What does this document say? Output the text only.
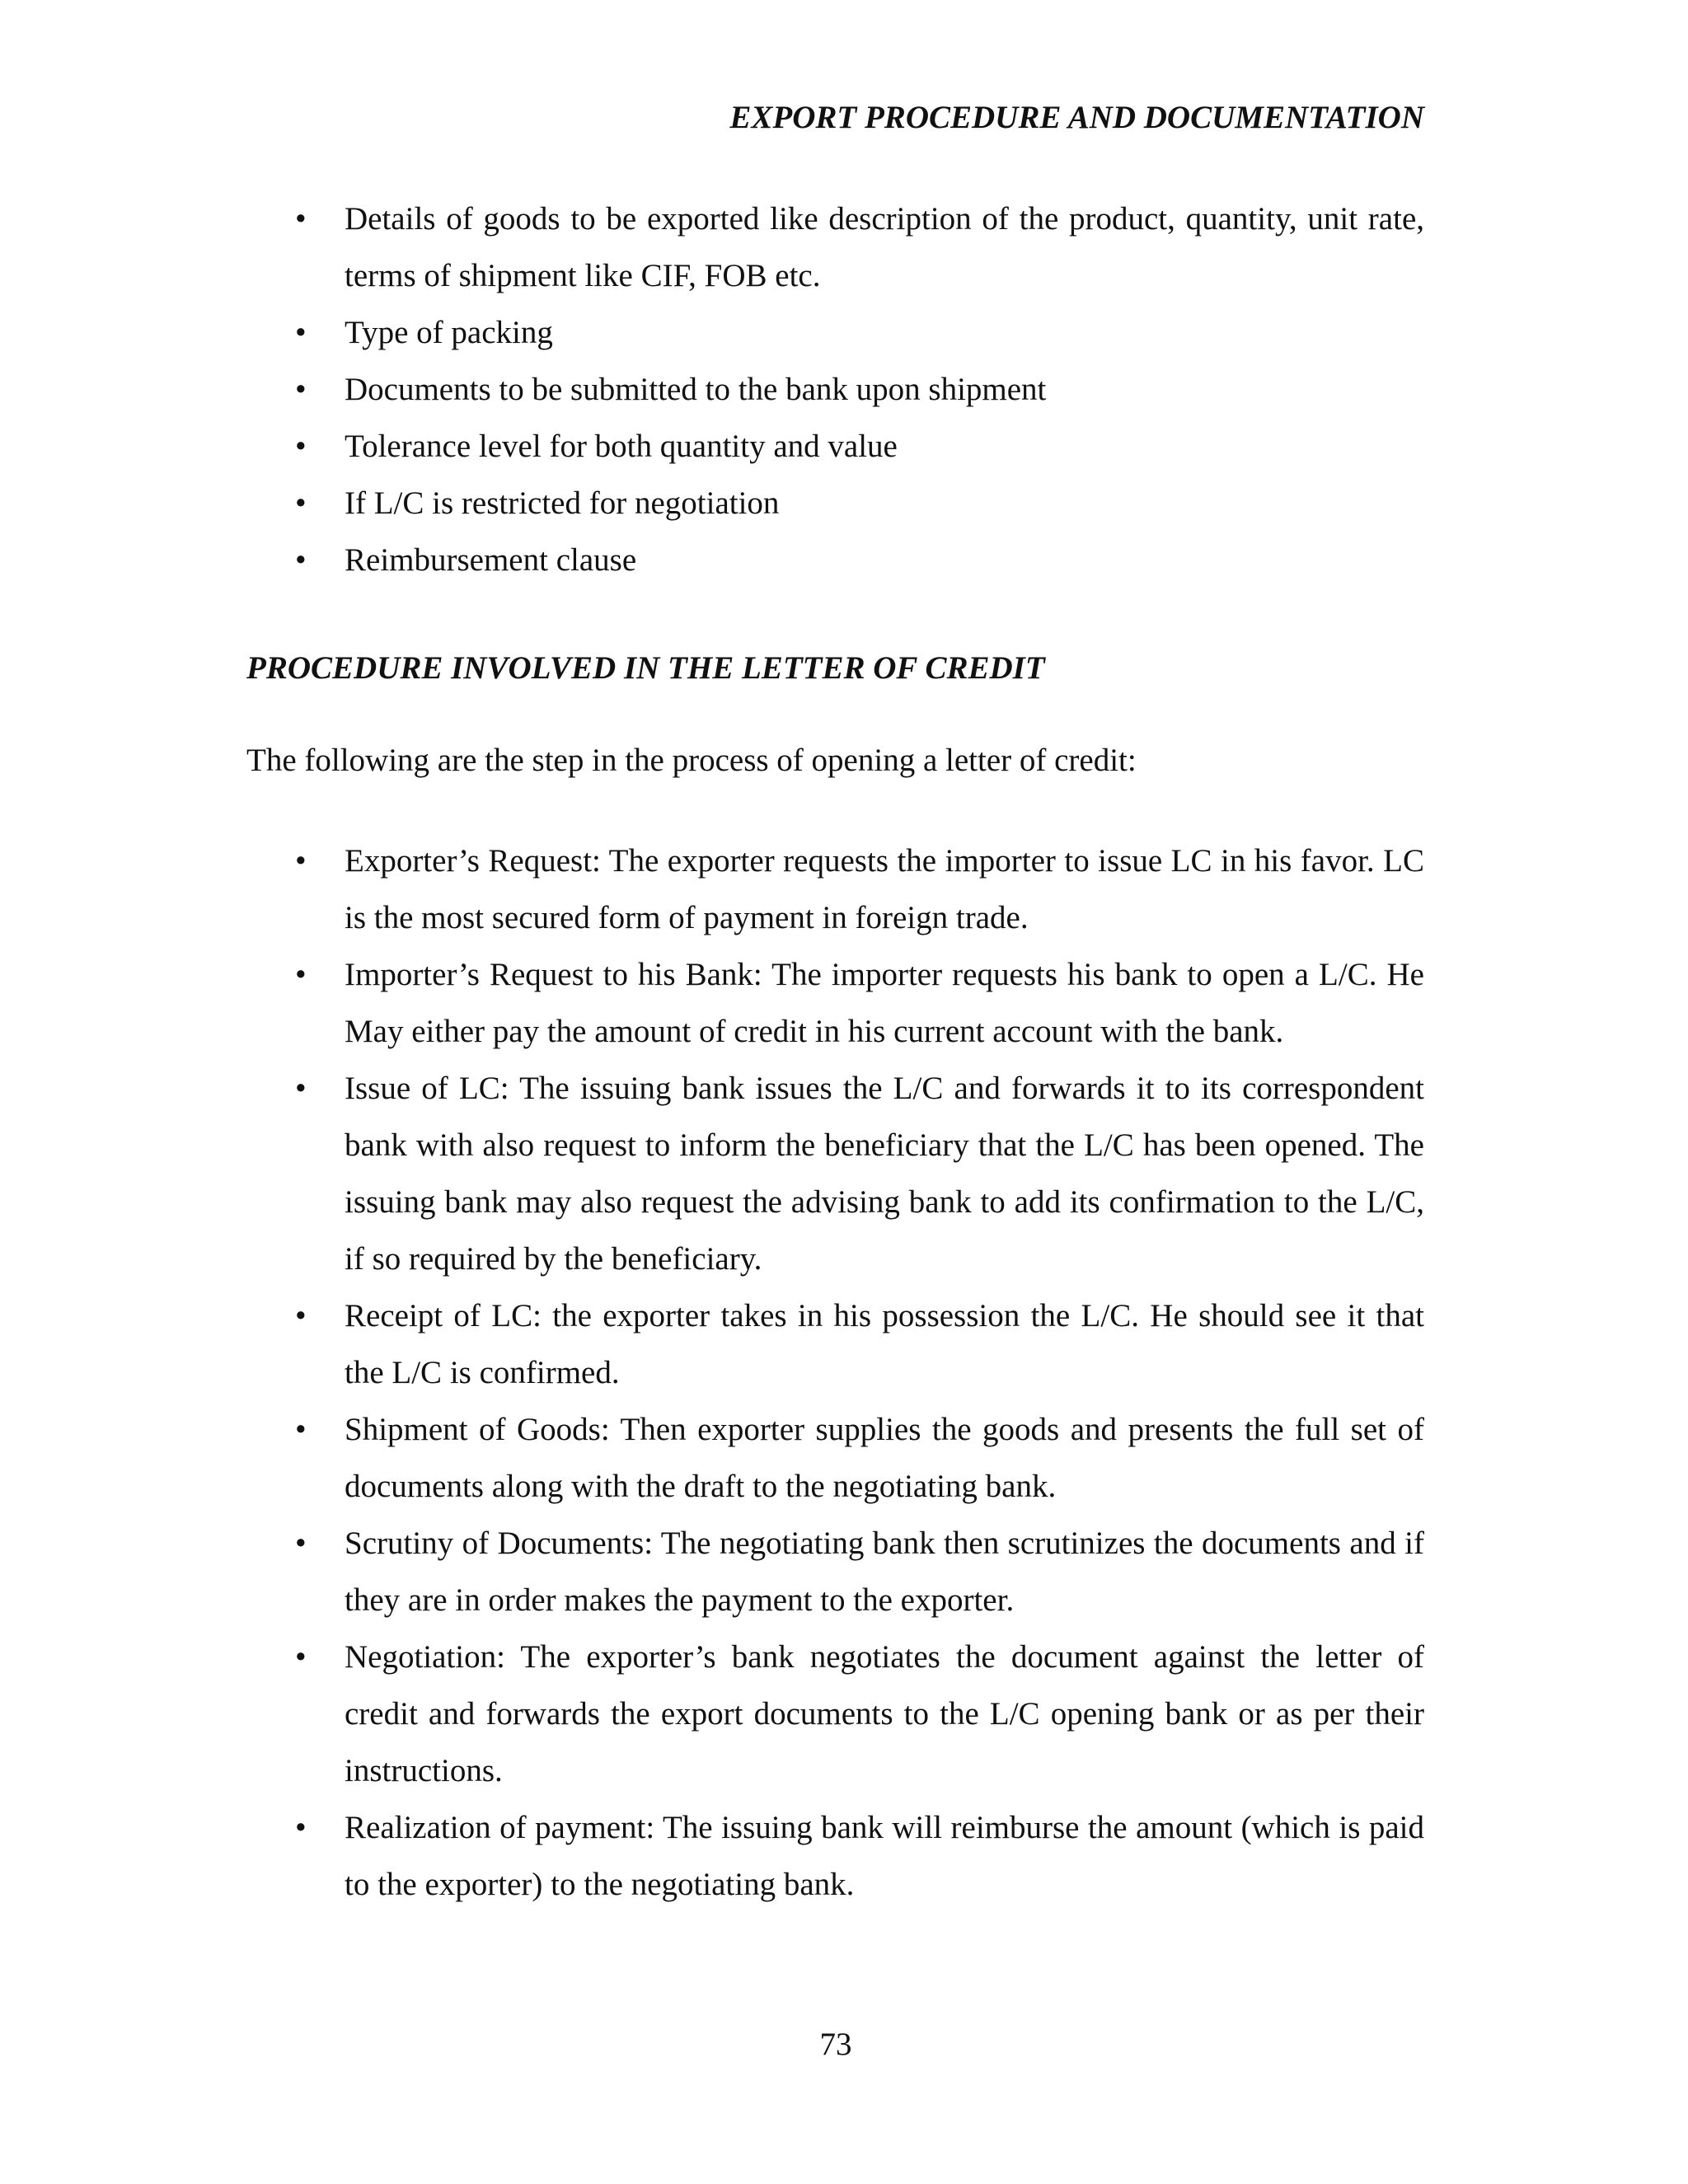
EXPORT PROCEDURE AND DOCUMENTATION
• Details of goods to be exported like description of the product, quantity, unit rate, terms of shipment like CIF, FOB etc.
• Type of packing
• Documents to be submitted to the bank upon shipment
• Tolerance level for both quantity and value
• If L/C is restricted for negotiation
• Reimbursement clause
PROCEDURE INVOLVED IN THE LETTER OF CREDIT

The following are the step in the process of opening a letter of credit:

• Exporter’s Request: The exporter requests the importer to issue LC in his favor. LC is the most secured form of payment in foreign trade.
• Importer’s Request to his Bank: The importer requests his bank to open a L/C. He May either pay the amount of credit in his current account with the bank.
• Issue of LC: The issuing bank issues the L/C and forwards it to its correspondent bank with also request to inform the beneficiary that the L/C has been opened. The issuing bank may also request the advising bank to add its confirmation to the L/C, if so required by the beneficiary.
• Receipt of LC: the exporter takes in his possession the L/C. He should see it that the L/C is confirmed.
• Shipment of Goods: Then exporter supplies the goods and presents the full set of documents along with the draft to the negotiating bank.
• Scrutiny of Documents: The negotiating bank then scrutinizes the documents and if they are in order makes the payment to the exporter.
• Negotiation: The exporter’s bank negotiates the document against the letter of credit and forwards the export documents to the L/C opening bank or as per their instructions.
• Realization of payment: The issuing bank will reimburse the amount (which is paid to the exporter) to the negotiating bank.
73
